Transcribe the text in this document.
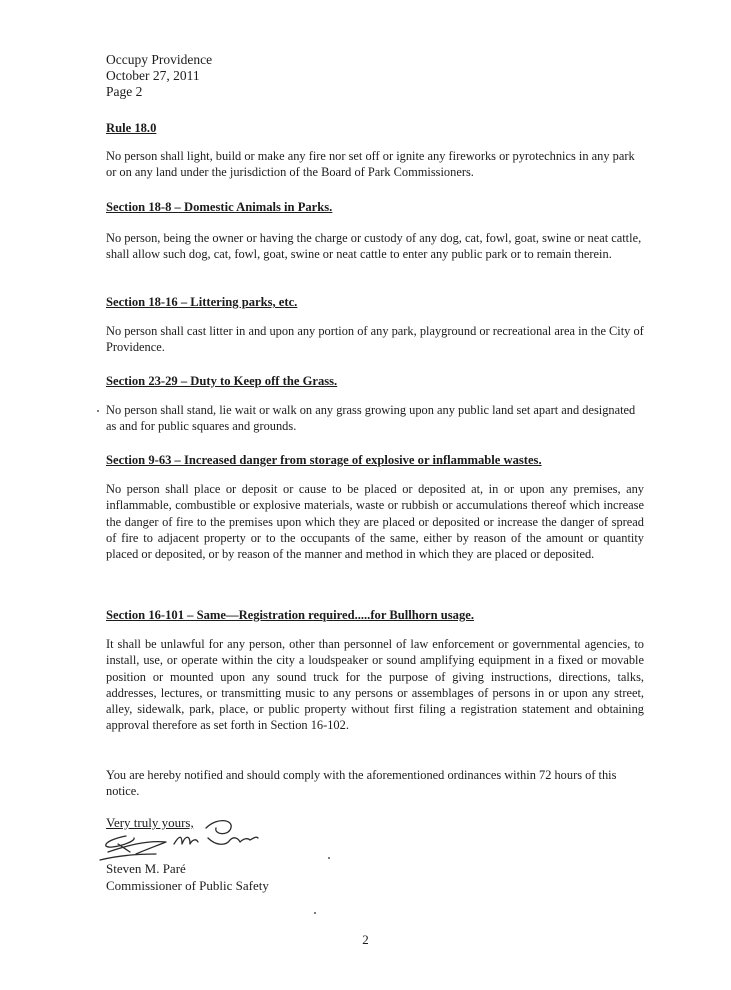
Occupy Providence
October 27, 2011
Page 2
Rule 18.0

No person shall light, build or make any fire nor set off or ignite any fireworks or pyrotechnics in any park or on any land under the jurisdiction of the Board of Park Commissioners.

Section 18-8 – Domestic Animals in Parks.

No person, being the owner or having the charge or custody of any dog, cat, fowl, goat, swine or neat cattle, shall allow such dog, cat, fowl, goat, swine or neat cattle to enter any public park or to remain therein.

Section 18-16 – Littering parks, etc.

No person shall cast litter in and upon any portion of any park, playground or recreational area in the City of Providence.

Section 23-29 – Duty to Keep off the Grass.

No person shall stand, lie wait or walk on any grass growing upon any public land set apart and designated as and for public squares and grounds.

Section 9-63 – Increased danger from storage of explosive or inflammable wastes.

No person shall place or deposit or cause to be placed or deposited at, in or upon any premises, any inflammable, combustible or explosive materials, waste or rubbish or accumulations thereof which increase the danger of fire to the premises upon which they are placed or deposited or increase the danger of spread of fire to adjacent property or to the occupants of the same, either by reason of the amount or quantity placed or deposited, or by reason of the manner and method in which they are placed or deposited.

Section 16-101 – Same—Registration required.....for Bullhorn usage.

It shall be unlawful for any person, other than personnel of law enforcement or governmental agencies, to install, use, or operate within the city a loudspeaker or sound amplifying equipment in a fixed or movable position or mounted upon any sound truck for the purpose of giving instructions, directions, talks, addresses, lectures, or transmitting music to any persons or assemblages of persons in or upon any street, alley, sidewalk, park, place, or public property without first filing a registration statement and obtaining approval therefore as set forth in Section 16-102.

You are hereby notified and should comply with the aforementioned ordinances within 72 hours of this notice.

Very truly yours,
Steven M. Paré
Commissioner of Public Safety
2
